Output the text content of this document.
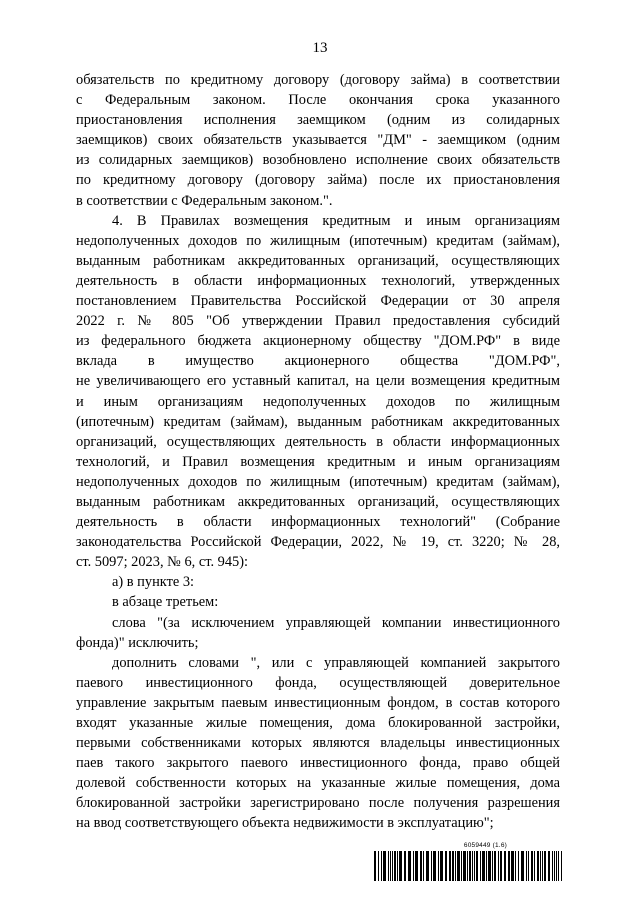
13
обязательств по кредитному договору (договору займа) в соответствии
с Федеральным законом. После окончания срока указанного
приостановления исполнения заемщиком (одним из солидарных
заемщиков) своих обязательств указывается "ДМ" - заемщиком (одним
из солидарных заемщиков) возобновлено исполнение своих обязательств
по кредитному договору (договору займа) после их приостановления
в соответствии с Федеральным законом.".
4. В Правилах возмещения кредитным и иным организациям
недополученных доходов по жилищным (ипотечным) кредитам (займам),
выданным работникам аккредитованных организаций, осуществляющих
деятельность в области информационных технологий, утвержденных
постановлением Правительства Российской Федерации от 30 апреля
2022 г. № 805 "Об утверждении Правил предоставления субсидий
из федерального бюджета акционерному обществу "ДОМ.РФ" в виде
вклада в имущество акционерного общества "ДОМ.РФ",
не увеличивающего его уставный капитал, на цели возмещения кредитным
и иным организациям недополученных доходов по жилищным
(ипотечным) кредитам (займам), выданным работникам аккредитованных
организаций, осуществляющих деятельность в области информационных
технологий, и Правил возмещения кредитным и иным организациям
недополученных доходов по жилищным (ипотечным) кредитам (займам),
выданным работникам аккредитованных организаций, осуществляющих
деятельность в области информационных технологий" (Собрание
законодательства Российской Федерации, 2022, № 19, ст. 3220; № 28,
ст. 5097; 2023, № 6, ст. 945):
а) в пункте 3:
в абзаце третьем:
слова "(за исключением управляющей компании инвестиционного
фонда)" исключить;
дополнить словами ", или с управляющей компанией закрытого
паевого инвестиционного фонда, осуществляющей доверительное
управление закрытым паевым инвестиционным фондом, в состав которого
входят указанные жилые помещения, дома блокированной застройки,
первыми собственниками которых являются владельцы инвестиционных
паев такого закрытого паевого инвестиционного фонда, право общей
долевой собственности которых на указанные жилые помещения, дома
блокированной застройки зарегистрировано после получения разрешения
на ввод соответствующего объекта недвижимости в эксплуатацию";
6059449 (1.6)
